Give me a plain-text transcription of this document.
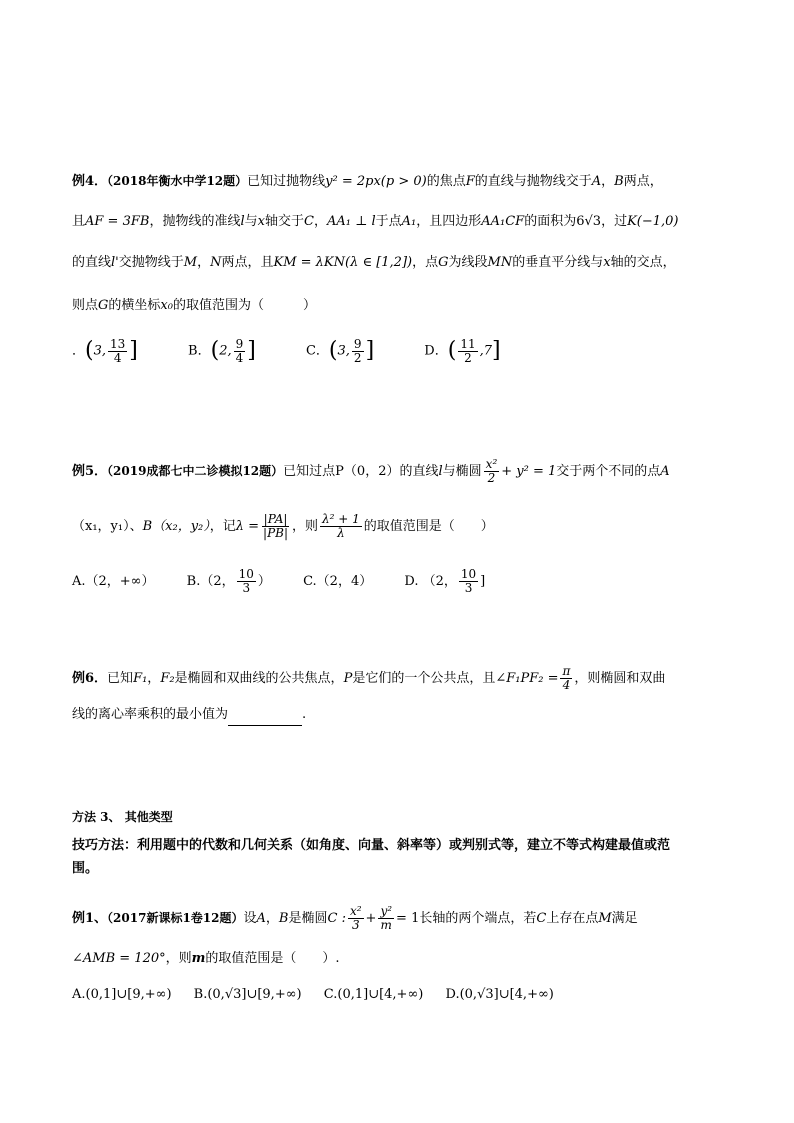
例4．（2018年衡水中学12题）已知过抛物线y² = 2px(p > 0)的焦点F的直线与抛物线交于A，B两点，
且AF = 3FB，抛物线的准线l与x轴交于C，AA₁ ⊥ l于点A₁，且四边形AA₁CF的面积为6√3，过K(−1,0)
的直线l'交抛物线于M，N两点，且KM = λKN(λ ∈ [1,2])，点G为线段MN的垂直平分线与x轴的交点，
则点G的横坐标x₀的取值范围为（　　　）
．(3, $\frac{13}{4}$ ]	B．(2, $\frac{9}{4}$ ]	C．(3, $\frac{9}{2}$ ]	D．( $\frac{11}{2} ,7$]
例5．（2019成都七中二诊模拟12题）已知过点P（0，2）的直线l与椭圆 $\frac{\text{x²}}{2} + y^2 = 1$交于两个不同的点A
（x₁，y₁）、B（x₂，y₂），记$\lambda = \frac{|PA|}{|PB|}$ ，则 $\frac{\text{λ² + 1}}{\lambda}$ 的取值范围是（　　）
A.（2，+∞） B.（2， $\frac{10}{3}$ ） C.（2，4） D. （2， $\frac{10}{3}$ ]
例6．已知F₁，F₂是椭圆和双曲线的公共焦点，P是它们的一个公共点，且∠F₁PF₂ = $\frac{\pi}{4}$ ，则椭圆和双曲
线的离心率乘积的最小值为	.
方法 3、 其他类型
技巧方法：利用题中的代数和几何关系（如角度、向量、斜率等）或判别式等，建立不等式构建最值或范
围。
例1、（2017新课标1卷12题）设A，B是椭圆C : $\frac{\text{x²}}{3} + \frac{\text{y²}}{m} = 1$长轴的两个端点，若C上存在点M满足
∠AMB = 120°，则m的取值范围是（　　）.
A.(0,1]∪[9,+∞) B.(0,√3]∪[9,+∞) C.(0,1]∪[4,+∞) D.(0,√3]∪[4,+∞)
